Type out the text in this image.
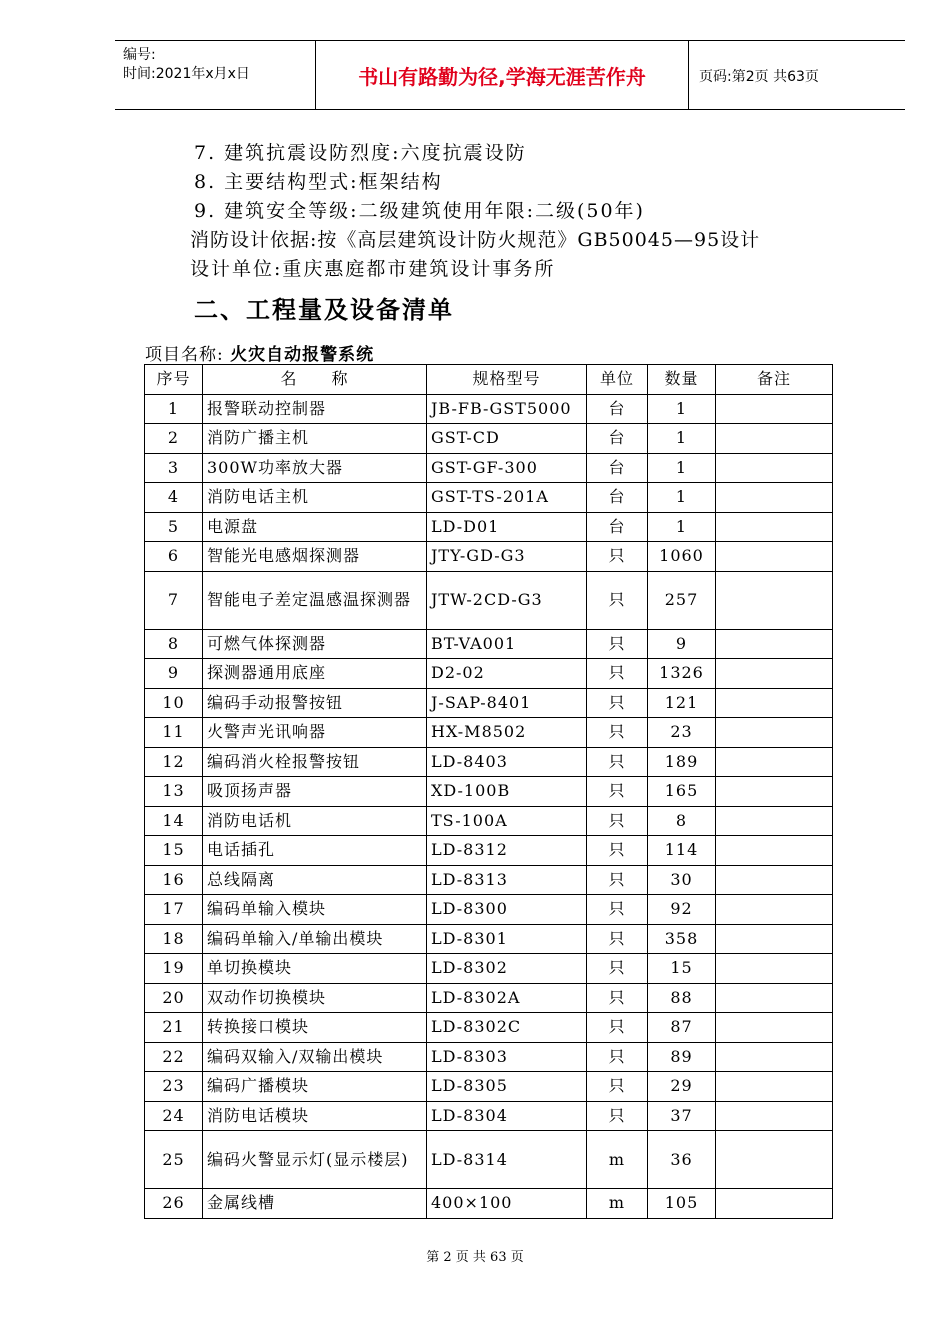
编号:
时间:2021年x月x日	书山有路勤为径,学海无涯苦作舟	页码:第2页 共63页
7. 建筑抗震设防烈度:六度抗震设防
8. 主要结构型式:框架结构
9. 建筑安全等级:二级建筑使用年限:二级(50年)
消防设计依据:按《高层建筑设计防火规范》GB50045—95设计
设计单位:重庆惠庭都市建筑设计事务所
二、工程量及设备清单
项目名称: 火灾自动报警系统
序号	名　　称	规格型号	单位	数量	备注
1	报警联动控制器	JB-FB-GST5000	台	1	
2	消防广播主机	GST-CD	台	1	
3	300W功率放大器	GST-GF-300	台	1	
4	消防电话主机	GST-TS-201A	台	1	
5	电源盘	LD-D01	台	1	
6	智能光电感烟探测器	JTY-GD-G3	只	1060	
7	智能电子差定温感温探测器	JTW-2CD-G3	只	257	
8	可燃气体探测器	BT-VA001	只	9	
9	探测器通用底座	D2-02	只	1326	
10	编码手动报警按钮	J-SAP-8401	只	121	
11	火警声光讯响器	HX-M8502	只	23	
12	编码消火栓报警按钮	LD-8403	只	189	
13	吸顶扬声器	XD-100B	只	165	
14	消防电话机	TS-100A	只	8	
15	电话插孔	LD-8312	只	114	
16	总线隔离	LD-8313	只	30	
17	编码单输入模块	LD-8300	只	92	
18	编码单输入/单输出模块	LD-8301	只	358	
19	单切换模块	LD-8302	只	15	
20	双动作切换模块	LD-8302A	只	88	
21	转换接口模块	LD-8302C	只	87	
22	编码双输入/双输出模块	LD-8303	只	89	
23	编码广播模块	LD-8305	只	29	
24	消防电话模块	LD-8304	只	37	
25	编码火警显示灯(显示楼层)	LD-8314	m	36	
26	金属线槽	400×100	m	105	
第 2 页 共 63 页
